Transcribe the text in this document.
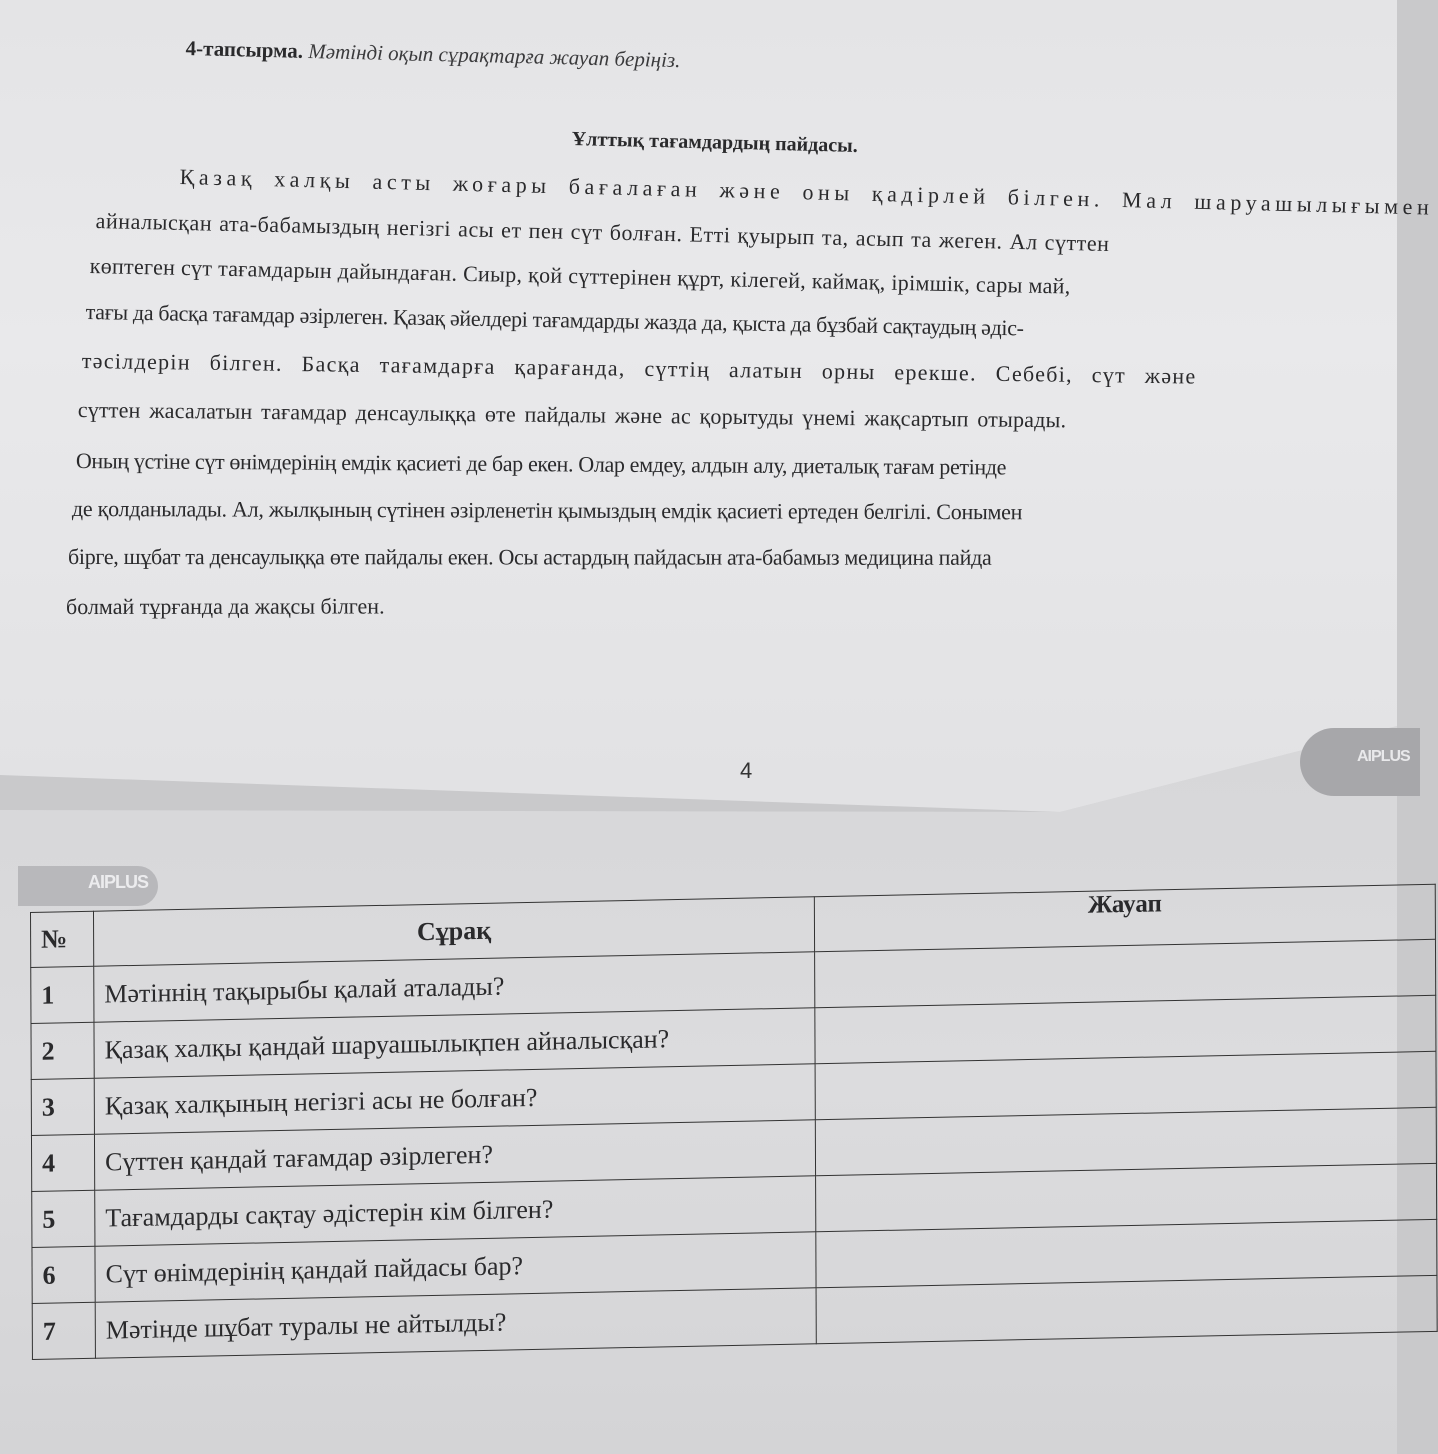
AIPLUS
4-тапсырма. Мәтінді оқып сұрақтарға жауап беріңіз.
Ұлттық тағамдардың пайдасы.
Қазақ халқы асты жоғары бағалаған және оны қадірлей білген. Мал шаруашылығымен
айналысқан ата-бабамыздың негізгі асы ет пен сүт болған. Етті қуырып та, асып та жеген. Ал сүттен
көптеген сүт тағамдарын дайындаған. Сиыр, қой сүттерінен құрт, кілегей, каймақ, ірімшік, сары май,
тағы да басқа тағамдар әзірлеген. Қазақ әйелдері тағамдарды жазда да, қыста да бұзбай сақтаудың әдіс-
тәсілдерін білген. Басқа тағамдарға қарағанда, сүттің алатын орны ерекше. Себебі, сүт және
сүттен жасалатын тағамдар денсаулыққа өте пайдалы және ас қорытуды үнемі жақсартып отырады.
Оның үстіне сүт өнімдерінің емдік қасиеті де бар екен. Олар емдеу, алдын алу, диеталық тағам ретінде
де қолданылады. Ал, жылқының сүтінен әзірленетін қымыздың емдік қасиеті ертеден белгілі. Сонымен
бірге, шұбат та денсаулыққа өте пайдалы екен. Осы астардың пайдасын ата-бабамыз медицина пайда
болмай тұрғанда да жақсы білген.
4
AIPLUS
№	Сұрақ	Жауап
1	Мәтіннің тақырыбы қалай аталады?	
2	Қазақ халқы қандай шаруашылықпен айналысқан?	
3	Қазақ халқының негізгі асы не болған?	
4	Сүттен қандай тағамдар әзірлеген?	
5	Тағамдарды сақтау әдістерін кім білген?	
6	Сүт өнімдерінің қандай пайдасы бар?	
7	Мәтінде шұбат туралы не айтылды?	
